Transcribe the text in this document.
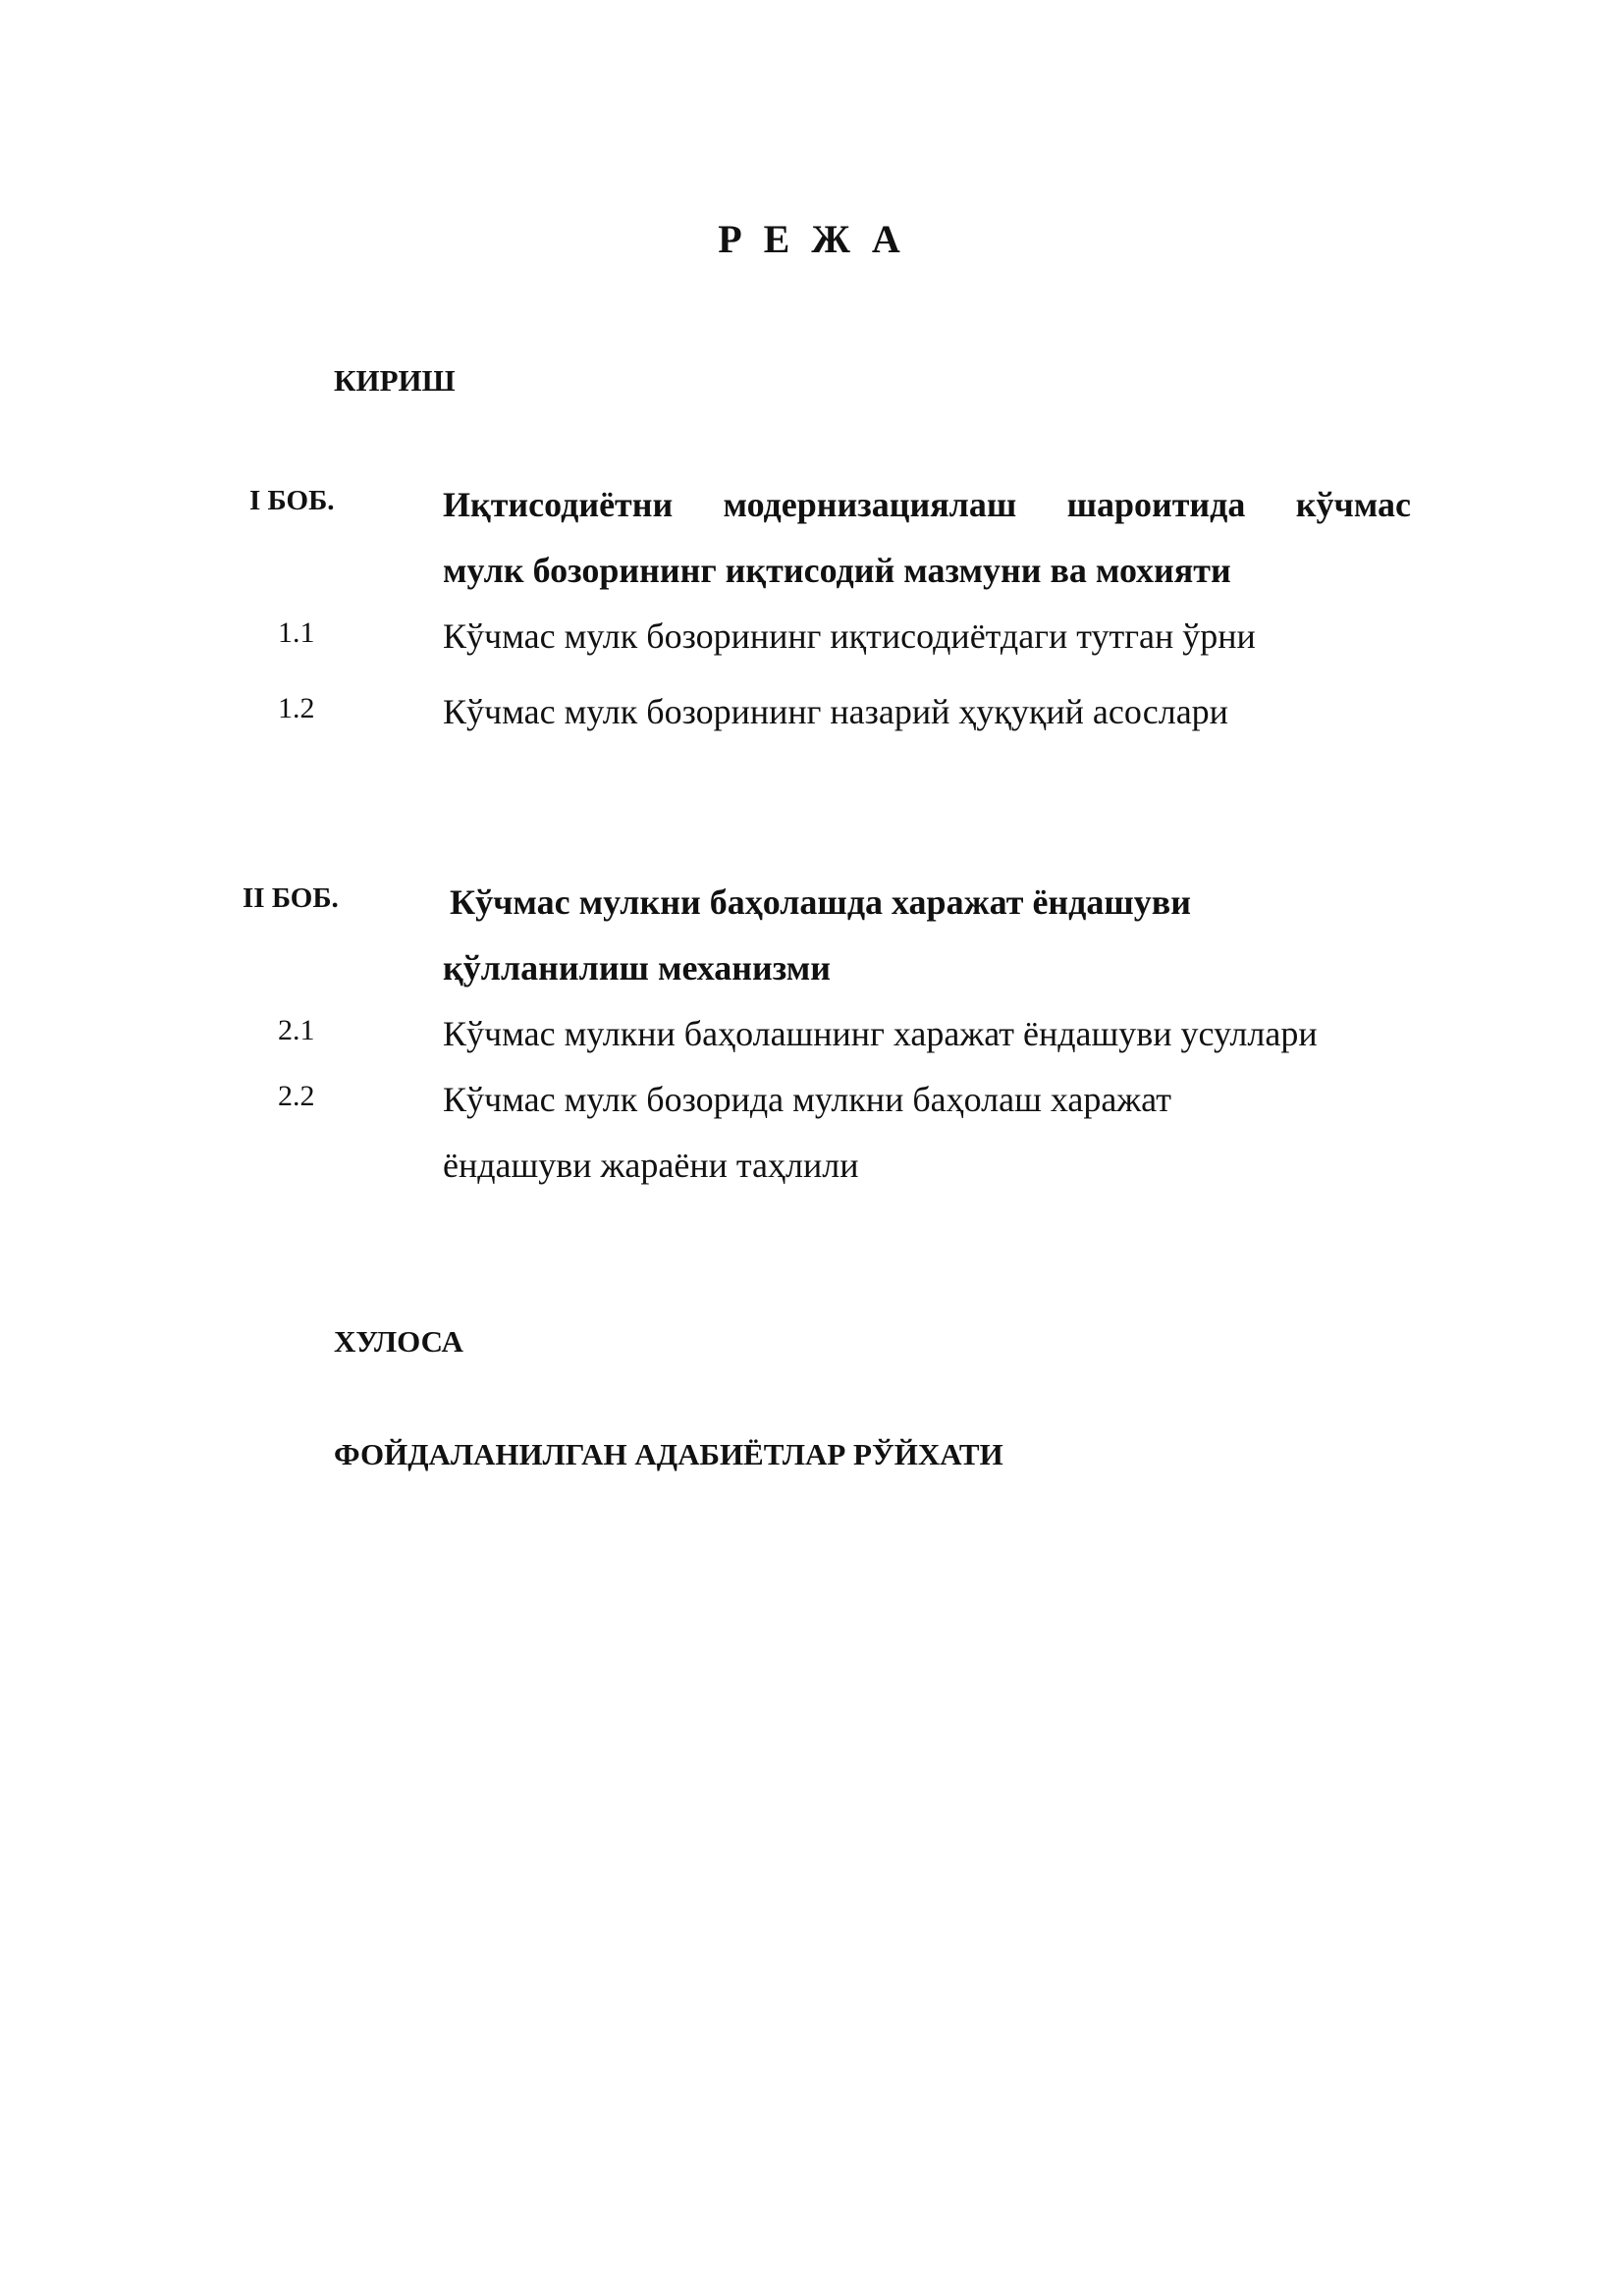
Р Е Ж А
КИРИШ
I БОБ.	Иқтисодиётни модернизациялаш шароитида кўчмас
мулк бозорининг иқтисодий мазмуни ва мохияти
1.1	Кўчмас мулк бозорининг иқтисодиётдаги тутган ўрни
1.2	Кўчмас мулк бозорининг назарий ҳуқуқий асослари
II БОБ.	Кўчмас мулкни баҳолашда харажат ёндашуви
қўлланилиш механизми
2.1	Кўчмас мулкни баҳолашнинг харажат ёндашуви усуллари
2.2	Кўчмас мулк бозорида мулкни баҳолаш харажат
ёндашуви жараёни таҳлили
ХУЛОСА
ФОЙДАЛАНИЛГАН АДАБИЁТЛАР РЎЙХАТИ
